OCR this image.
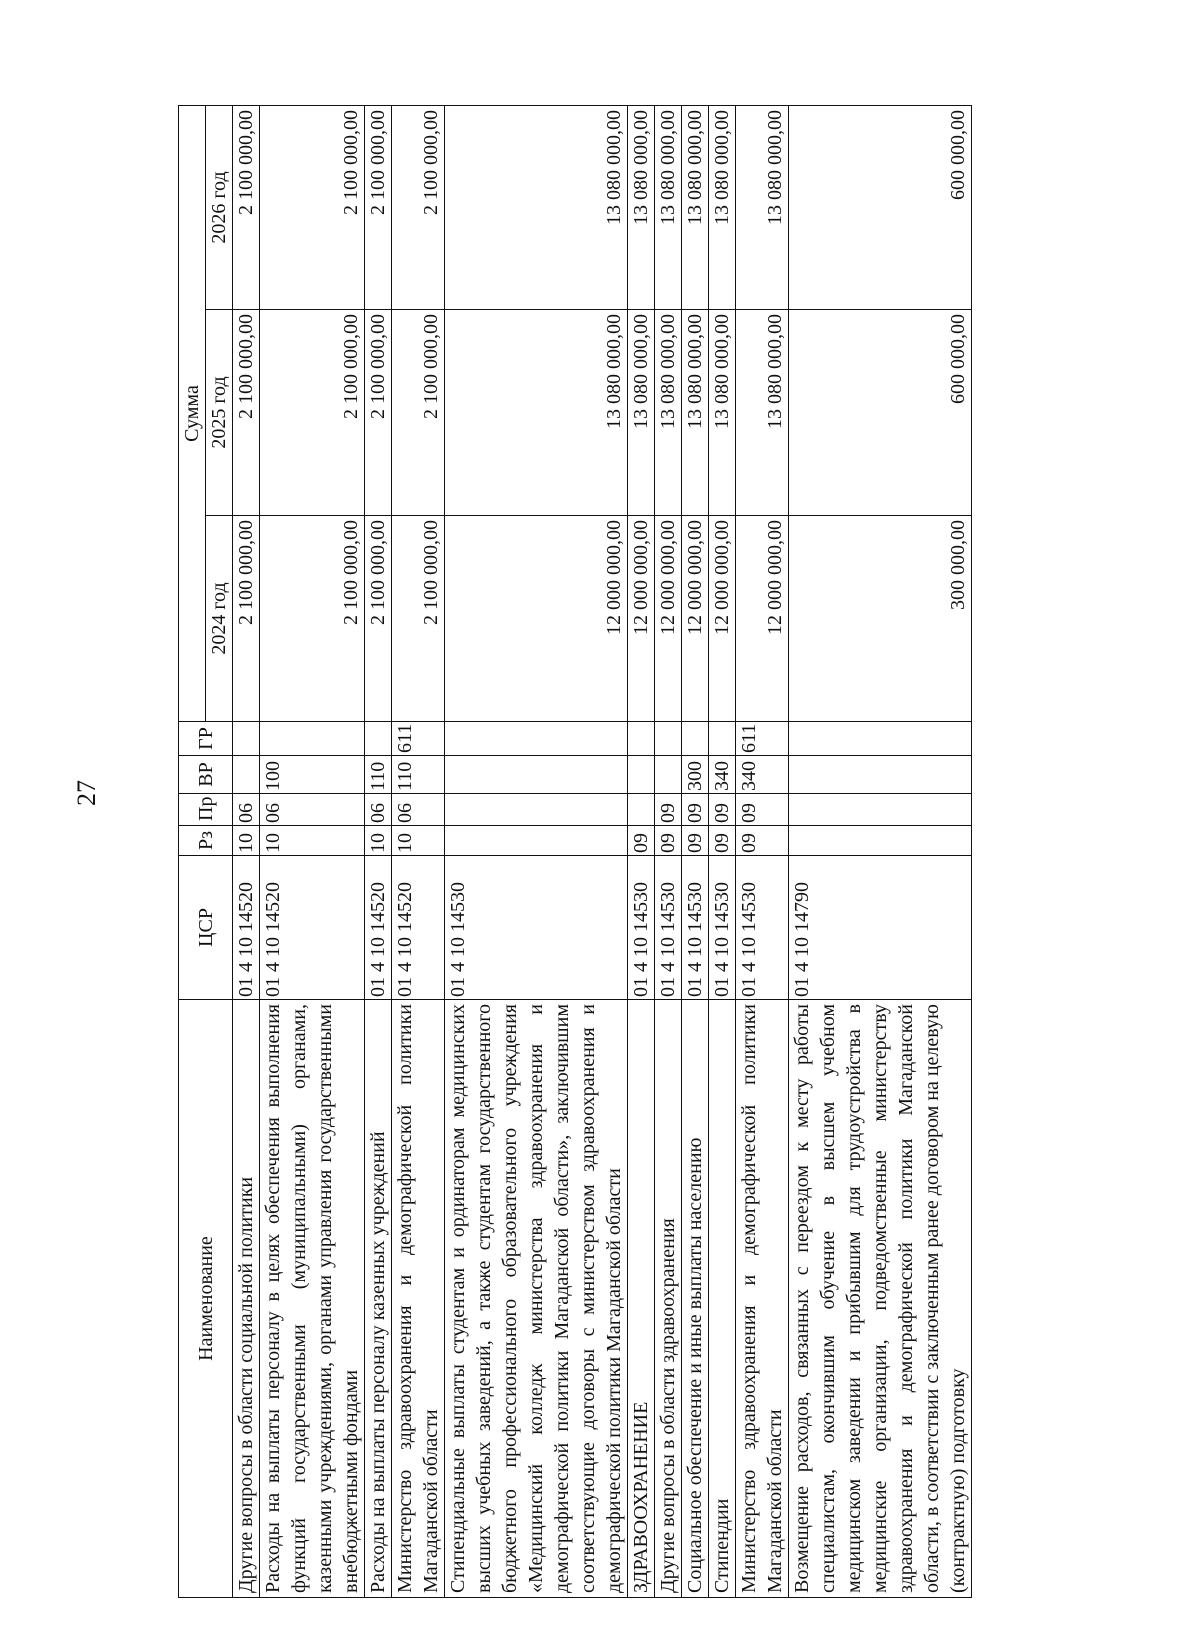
27
Наименование	ЦСР	Рз	Пр	ВР	ГР	Сумма		
						2024 год	2025 год	2026 год
Другие вопросы в области социальной политики	01 4 10 14520	10	06			2 100 000,00	2 100 000,00	2 100 000,00
Расходы на выплаты персоналу в целях обеспечения выполнения функций государственными (муниципальными) органами, казенными учреждениями, органами управления государственными внебюджетными фондами	01 4 10 14520	10	06	100		2 100 000,00	2 100 000,00	2 100 000,00
Расходы на выплаты персоналу казенных учреждений	01 4 10 14520	10	06	110		2 100 000,00	2 100 000,00	2 100 000,00
Министерство здравоохранения и демографической политики Магаданской области	01 4 10 14520	10	06	110	611	2 100 000,00	2 100 000,00	2 100 000,00
Стипендиальные выплаты студентам и ординаторам медицинских высших учебных заведений, а также студентам государственного бюджетного профессионального образовательного учреждения «Медицинский колледж министерства здравоохранения и демографической политики Магаданской области», заключившим соответствующие договоры с министерством здравоохранения и демографической политики Магаданской области	01 4 10 14530					12 000 000,00	13 080 000,00	13 080 000,00
ЗДРАВООХРАНЕНИЕ	01 4 10 14530	09				12 000 000,00	13 080 000,00	13 080 000,00
Другие вопросы в области здравоохранения	01 4 10 14530	09	09			12 000 000,00	13 080 000,00	13 080 000,00
Социальное обеспечение и иные выплаты населению	01 4 10 14530	09	09	300		12 000 000,00	13 080 000,00	13 080 000,00
Стипендии	01 4 10 14530	09	09	340		12 000 000,00	13 080 000,00	13 080 000,00
Министерство здравоохранения и демографической политики Магаданской области	01 4 10 14530	09	09	340	611	12 000 000,00	13 080 000,00	13 080 000,00
Возмещение расходов, связанных с переездом к месту работы специалистам, окончившим обучение в высшем учебном медицинском заведении и прибывшим для трудоустройства в медицинские организации, подведомственные министерству здравоохранения и демографической политики Магаданской области, в соответствии с заключенным ранее договором на целевую (контрактную) подготовку	01 4 10 14790					300 000,00	600 000,00	600 000,00
